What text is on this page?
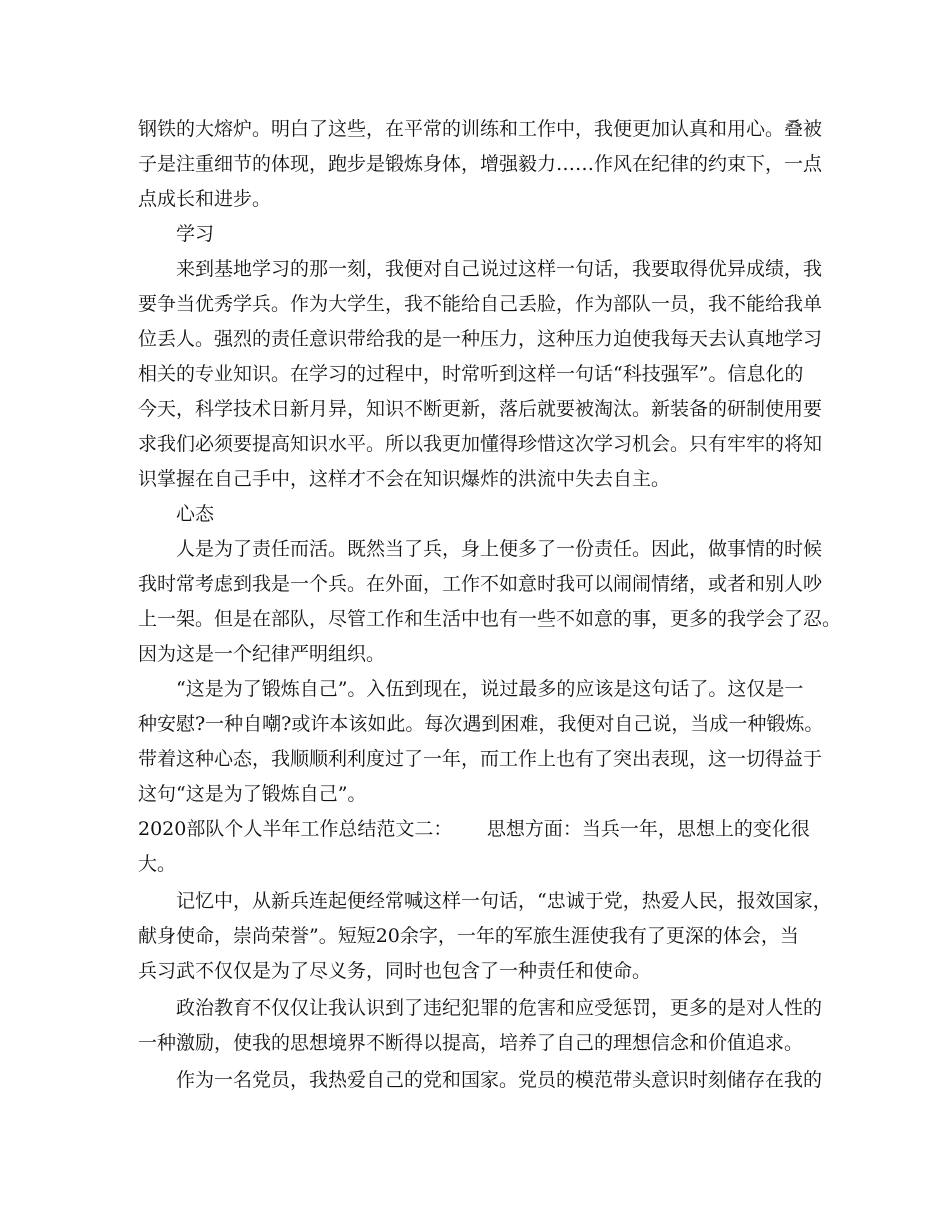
钢铁的大熔炉。明白了这些，在平常的训练和工作中，我便更加认真和用心。叠被
子是注重细节的体现，跑步是锻炼身体，增强毅力……作风在纪律的约束下，一点
点成长和进步。
学习
来到基地学习的那一刻，我便对自己说过这样一句话，我要取得优异成绩，我
要争当优秀学兵。作为大学生，我不能给自己丢脸，作为部队一员，我不能给我单
位丢人。强烈的责任意识带给我的是一种压力，这种压力迫使我每天去认真地学习
相关的专业知识。在学习的过程中，时常听到这样一句话“科技强军”。信息化的
今天，科学技术日新月异，知识不断更新，落后就要被淘汰。新装备的研制使用要
求我们必须要提高知识水平。所以我更加懂得珍惜这次学习机会。只有牢牢的将知
识掌握在自己手中，这样才不会在知识爆炸的洪流中失去自主。
心态
人是为了责任而活。既然当了兵，身上便多了一份责任。因此，做事情的时候
我时常考虑到我是一个兵。在外面，工作不如意时我可以闹闹情绪，或者和别人吵
上一架。但是在部队，尽管工作和生活中也有一些不如意的事，更多的我学会了忍。
因为这是一个纪律严明组织。
“这是为了锻炼自己”。入伍到现在，说过最多的应该是这句话了。这仅是一
种安慰?一种自嘲?或许本该如此。每次遇到困难，我便对自己说，当成一种锻炼。
带着这种心态，我顺顺利利度过了一年，而工作上也有了突出表现，这一切得益于
这句“这是为了锻炼自己”。
2020部队个人半年工作总结范文二：　　 思想方面：当兵一年，思想上的变化很
大。
记忆中，从新兵连起便经常喊这样一句话，“忠诚于党，热爱人民，报效国家，
献身使命，崇尚荣誉”。短短20余字，一年的军旅生涯使我有了更深的体会，当
兵习武不仅仅是为了尽义务，同时也包含了一种责任和使命。
政治教育不仅仅让我认识到了违纪犯罪的危害和应受惩罚，更多的是对人性的
一种激励，使我的思想境界不断得以提高，培养了自己的理想信念和价值追求。
作为一名党员，我热爱自己的党和国家。党员的模范带头意识时刻储存在我的
